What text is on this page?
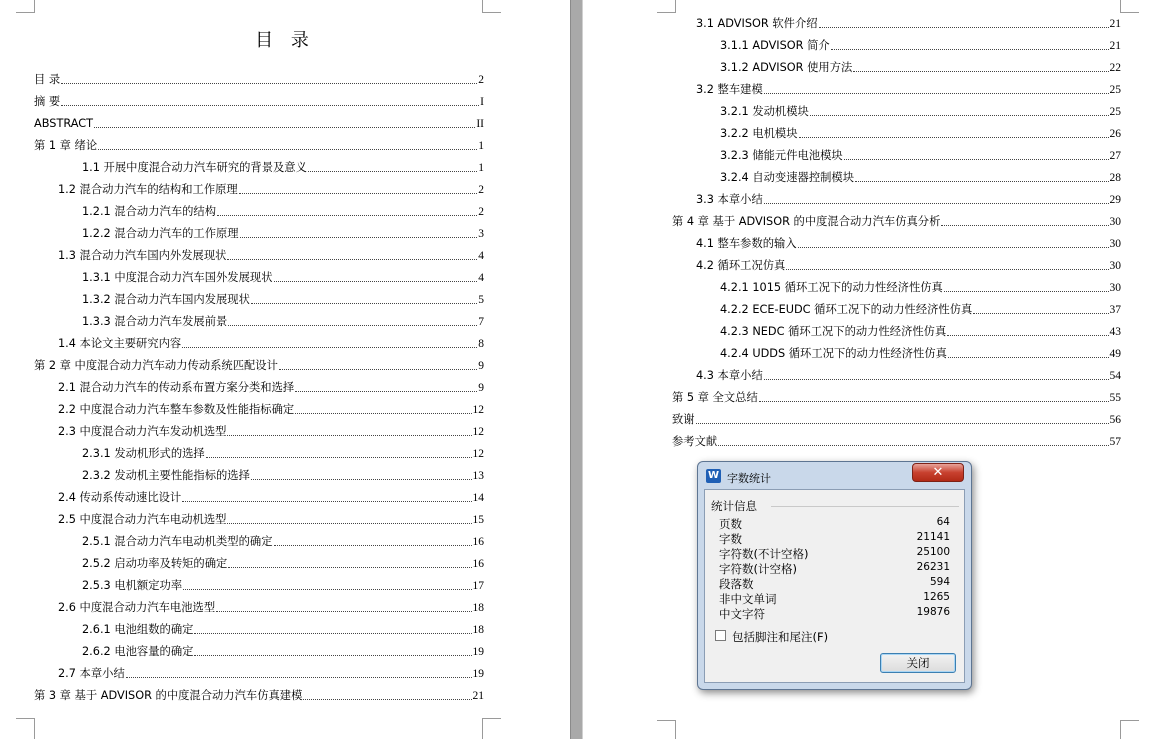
目 录
目 录	2
摘 要	I
ABSTRACT	II
第 1 章 绪论	1
1.1 开展中度混合动力汽车研究的背景及意义	1
1.2 混合动力汽车的结构和工作原理	2
1.2.1 混合动力汽车的结构	2
1.2.2 混合动力汽车的工作原理	3
1.3 混合动力汽车国内外发展现状	4
1.3.1 中度混合动力汽车国外发展现状	4
1.3.2 混合动力汽车国内发展现状	5
1.3.3 混合动力汽车发展前景	7
1.4 本论文主要研究内容	8
第 2 章 中度混合动力汽车动力传动系统匹配设计	9
2.1 混合动力汽车的传动系布置方案分类和选择	9
2.2 中度混合动力汽车整车参数及性能指标确定	12
2.3 中度混合动力汽车发动机选型	12
2.3.1 发动机形式的选择	12
2.3.2 发动机主要性能指标的选择	13
2.4 传动系传动速比设计	14
2.5 中度混合动力汽车电动机选型	15
2.5.1 混合动力汽车电动机类型的确定	16
2.5.2 启动功率及转矩的确定	16
2.5.3 电机额定功率	17
2.6 中度混合动力汽车电池选型	18
2.6.1 电池组数的确定	18
2.6.2 电池容量的确定	19
2.7 本章小结	19
第 3 章 基于 ADVISOR 的中度混合动力汽车仿真建模	21
3.1 ADVISOR 软件介绍	21
3.1.1 ADVISOR 简介	21
3.1.2 ADVISOR 使用方法	22
3.2 整车建模	25
3.2.1 发动机模块	25
3.2.2 电机模块	26
3.2.3 储能元件电池模块	27
3.2.4 自动变速器控制模块	28
3.3 本章小结	29
第 4 章 基于 ADVISOR 的中度混合动力汽车仿真分析	30
4.1 整车参数的输入	30
4.2 循环工况仿真	30
4.2.1 1015 循环工况下的动力性经济性仿真	30
4.2.2 ECE-EUDC 循环工况下的动力性经济性仿真	37
4.2.3 NEDC 循环工况下的动力性经济性仿真	43
4.2.4 UDDS 循环工况下的动力性经济性仿真	49
4.3 本章小结	54
第 5 章 全文总结	55
致谢	56
参考文献	57
W 字数统计	✕
统计信息
页数	64
字数	21141
字符数(不计空格)	25100
字符数(计空格)	26231
段落数	594
非中文单词	1265
中文字符	19876
包括脚注和尾注(F)
关闭
